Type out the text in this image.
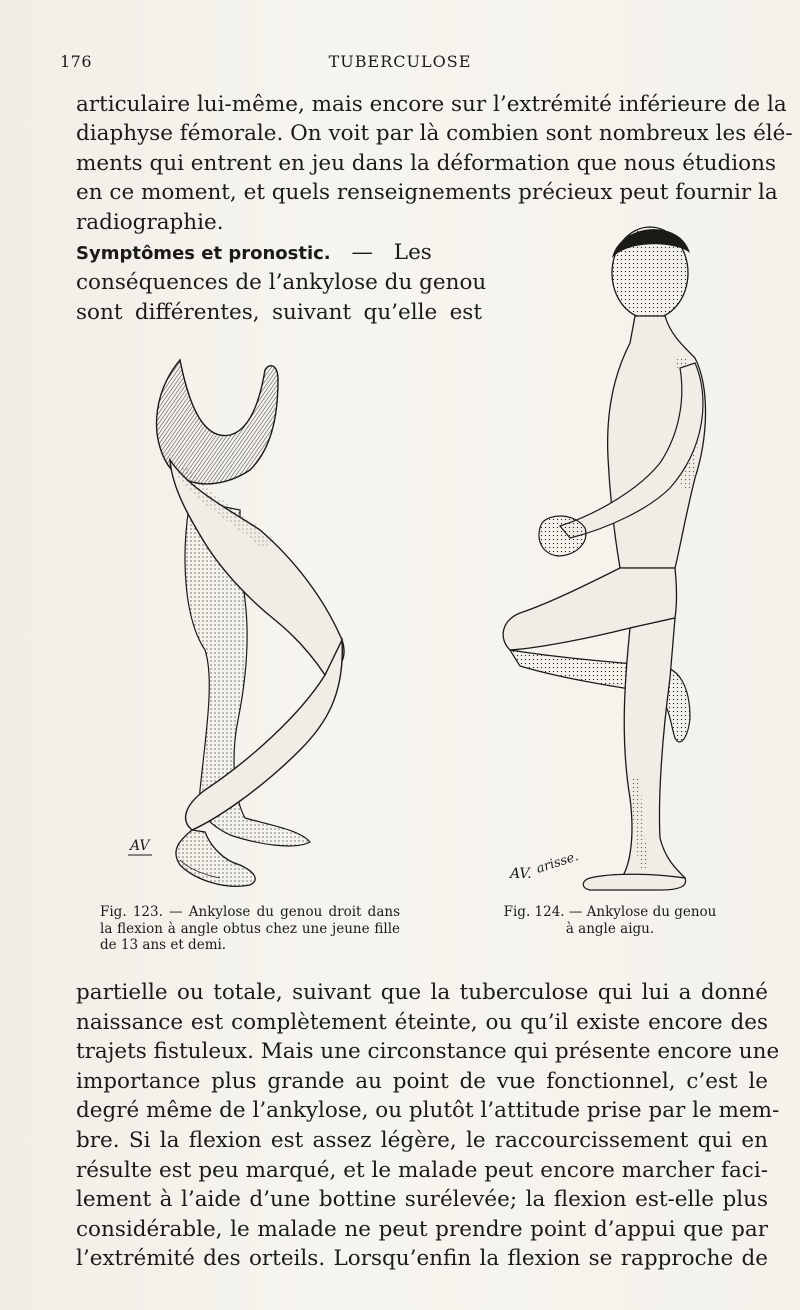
176	TUBERCULOSE
articulaire lui-même, mais encore sur l’extrémité inférieure de la
diaphyse fémorale. On voit par là combien sont nombreux les élé-
ments qui entrent en jeu dans la déformation que nous étudions
en ce moment, et quels renseignements précieux peut fournir la
radiographie.
Symptômes et pronostic. — Les
conséquences de l’ankylose du genou
sont différentes, suivant qu’elle est
AV
AV. arisse.
Fig. 123. — Ankylose du genou droit dans la flexion à angle obtus chez une jeune fille de 13 ans et demi.
Fig. 124. — Ankylose du genou
à angle aigu.
partielle ou totale, suivant que la tuberculose qui lui a donné
naissance est complètement éteinte, ou qu’il existe encore des
trajets fistuleux. Mais une circonstance qui présente encore une
importance plus grande au point de vue fonctionnel, c’est le
degré même de l’ankylose, ou plutôt l’attitude prise par le mem-
bre. Si la flexion est assez légère, le raccourcissement qui en
résulte est peu marqué, et le malade peut encore marcher faci-
lement à l’aide d’une bottine surélevée; la flexion est-elle plus
considérable, le malade ne peut prendre point d’appui que par
l’extrémité des orteils. Lorsqu’enfin la flexion se rapproche de
